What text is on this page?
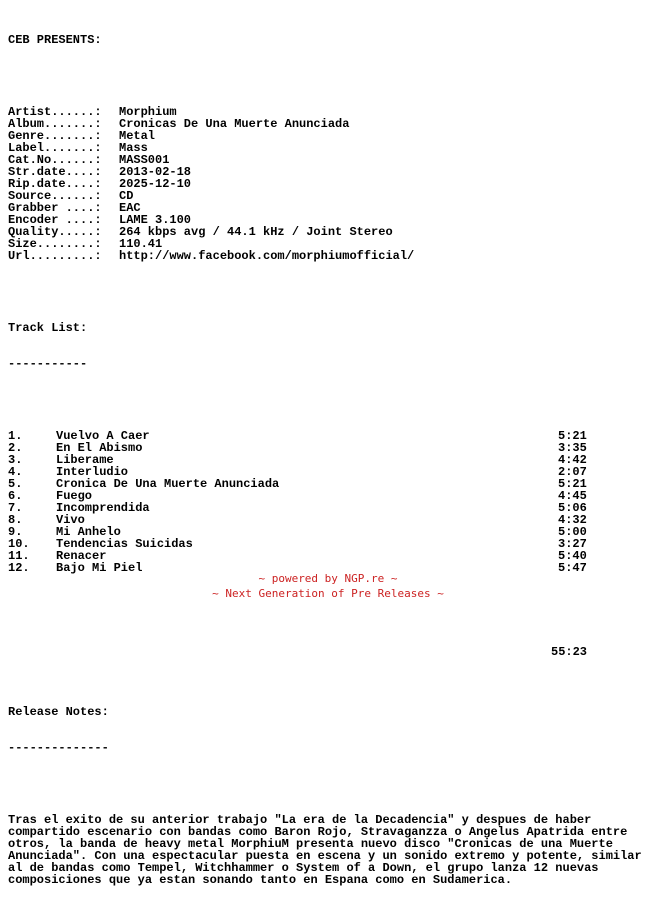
CEB PRESENTS:

Artist......: Morphium
Album.......: Cronicas De Una Muerte Anunciada
Genre.......: Metal
Label.......: Mass
Cat.No......: MASS001
Str.date....: 2013-02-18
Rip.date....: 2025-12-10
Source......: CD
Grabber ....: EAC
Encoder ....: LAME 3.100
Quality.....: 264 kbps avg / 44.1 kHz / Joint Stereo
Size........: 110.41
Url.........: http://www.facebook.com/morphiumofficial/

Track List:

-----------

1.	Vuelvo A Caer	5:21
2.	En El Abismo	3:35
3.	Liberame	4:42
4.	Interludio	2:07
5.	Cronica De Una Muerte Anunciada	5:21
6.	Fuego	4:45
7.	Incomprendida	5:06
8.	Vivo	4:32
9.	Mi Anhelo	5:00
10. Tendencias Suicidas	3:27
11. Renacer	5:40
12. Bajo Mi Piel	5:47

55:23

Release Notes:

--------------

Tras el exito de su anterior trabajo "La era de la Decadencia" y despues de haber compartido escenario con bandas como Baron Rojo, Stravaganzza o Angelus Apatrida entre otros, la banda de heavy metal MorphiuM presenta nuevo disco "Cronicas de una Muerte Anunciada". Con una espectacular puesta en escena y un sonido extremo y potente, similar al de bandas como Tempel, Witchhammer o System of a Down, el grupo lanza 12 nuevas composiciones que ya estan sonando tanto en Espana como en Sudamerica.

~ powered by NGP.re ~
~ Next Generation of Pre Releases ~
